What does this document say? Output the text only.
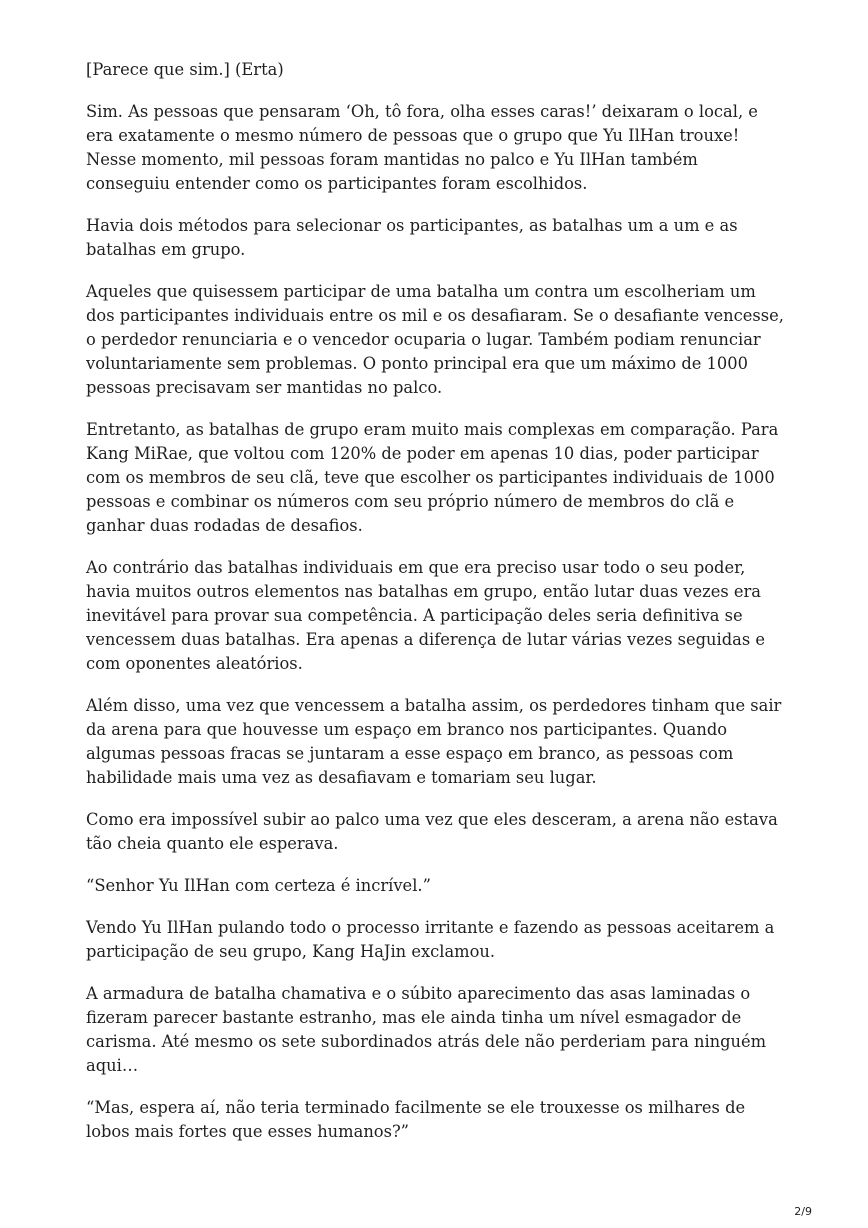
[Parece que sim.] (Erta)

Sim. As pessoas que pensaram ‘Oh, tô fora, olha esses caras!’ deixaram o local, e era exatamente o mesmo número de pessoas que o grupo que Yu IlHan trouxe! Nesse momento, mil pessoas foram mantidas no palco e Yu IlHan também conseguiu entender como os participantes foram escolhidos.

Havia dois métodos para selecionar os participantes, as batalhas um a um e as batalhas em grupo.

Aqueles que quisessem participar de uma batalha um contra um escolheriam um dos participantes individuais entre os mil e os desafiaram. Se o desafiante vencesse, o perdedor renunciaria e o vencedor ocuparia o lugar. Também podiam renunciar voluntariamente sem problemas. O ponto principal era que um máximo de 1000 pessoas precisavam ser mantidas no palco.

Entretanto, as batalhas de grupo eram muito mais complexas em comparação. Para Kang MiRae, que voltou com 120% de poder em apenas 10 dias, poder participar com os membros de seu clã, teve que escolher os participantes individuais de 1000 pessoas e combinar os números com seu próprio número de membros do clã e ganhar duas rodadas de desafios.

Ao contrário das batalhas individuais em que era preciso usar todo o seu poder, havia muitos outros elementos nas batalhas em grupo, então lutar duas vezes era inevitável para provar sua competência. A participação deles seria definitiva se vencessem duas batalhas. Era apenas a diferença de lutar várias vezes seguidas e com oponentes aleatórios.

Além disso, uma vez que vencessem a batalha assim, os perdedores tinham que sair da arena para que houvesse um espaço em branco nos participantes. Quando algumas pessoas fracas se juntaram a esse espaço em branco, as pessoas com habilidade mais uma vez as desafiavam e tomariam seu lugar.

Como era impossível subir ao palco uma vez que eles desceram, a arena não estava tão cheia quanto ele esperava.

“Senhor Yu IlHan com certeza é incrível.”

Vendo Yu IlHan pulando todo o processo irritante e fazendo as pessoas aceitarem a participação de seu grupo, Kang HaJin exclamou.

A armadura de batalha chamativa e o súbito aparecimento das asas laminadas o fizeram parecer bastante estranho, mas ele ainda tinha um nível esmagador de carisma. Até mesmo os sete subordinados atrás dele não perderiam para ninguém aqui…

“Mas, espera aí, não teria terminado facilmente se ele trouxesse os milhares de lobos mais fortes que esses humanos?”

2/9
